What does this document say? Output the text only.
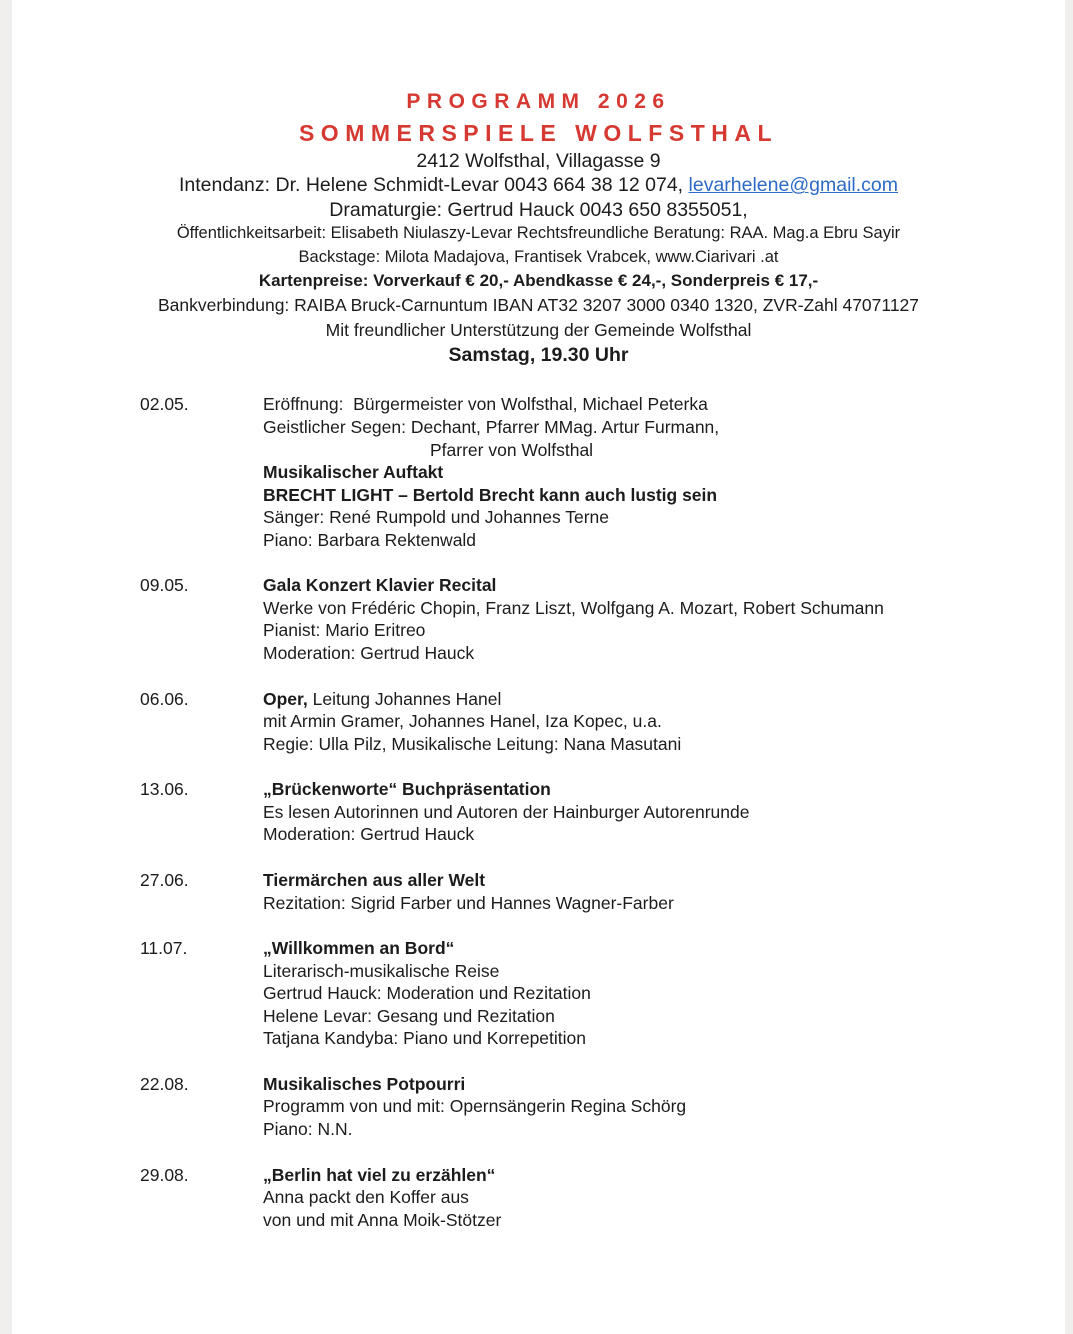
PROGRAMM 2026
SOMMERSPIELE WOLFSTHAL
2412 Wolfsthal, Villagasse 9
Intendanz: Dr. Helene Schmidt-Levar 0043 664 38 12 074, levarhelene@gmail.com
Dramaturgie: Gertrud Hauck 0043 650 8355051,
Öffentlichkeitsarbeit: Elisabeth Niulaszy-Levar Rechtsfreundliche Beratung: RAA. Mag.a Ebru Sayir
Backstage: Milota Madajova, Frantisek Vrabcek, www.Ciarivari .at
Kartenpreise: Vorverkauf € 20,- Abendkasse € 24,-, Sonderpreis € 17,-
Bankverbindung: RAIBA Bruck-Carnuntum IBAN AT32 3207 3000 0340 1320, ZVR-Zahl 47071127
Mit freundlicher Unterstützung der Gemeinde Wolfsthal
Samstag, 19.30 Uhr
02.05.	Eröffnung:  Bürgermeister von Wolfsthal, Michael Peterka
Geistlicher Segen: Dechant, Pfarrer MMag. Artur Furmann,
Pfarrer von Wolfsthal
Musikalischer Auftakt
BRECHT LIGHT – Bertold Brecht kann auch lustig sein
Sänger: René Rumpold und Johannes Terne
Piano: Barbara Rektenwald
09.05.	Gala Konzert Klavier Recital
Werke von Frédéric Chopin, Franz Liszt, Wolfgang A. Mozart, Robert Schumann
Pianist: Mario Eritreo
Moderation: Gertrud Hauck
06.06.	Oper, Leitung Johannes Hanel
mit Armin Gramer, Johannes Hanel, Iza Kopec, u.a.
Regie: Ulla Pilz, Musikalische Leitung: Nana Masutani
13.06.	„Brückenworte“ Buchpräsentation
Es lesen Autorinnen und Autoren der Hainburger Autorenrunde
Moderation: Gertrud Hauck
27.06.	Tiermärchen aus aller Welt
Rezitation: Sigrid Farber und Hannes Wagner-Farber
11.07.	„Willkommen an Bord“
Literarisch-musikalische Reise
Gertrud Hauck: Moderation und Rezitation
Helene Levar: Gesang und Rezitation
Tatjana Kandyba: Piano und Korrepetition
22.08.	Musikalisches Potpourri
Programm von und mit: Opernsängerin Regina Schörg
Piano: N.N.
29.08.	„Berlin hat viel zu erzählen“
Anna packt den Koffer aus
von und mit Anna Moik-Stötzer
